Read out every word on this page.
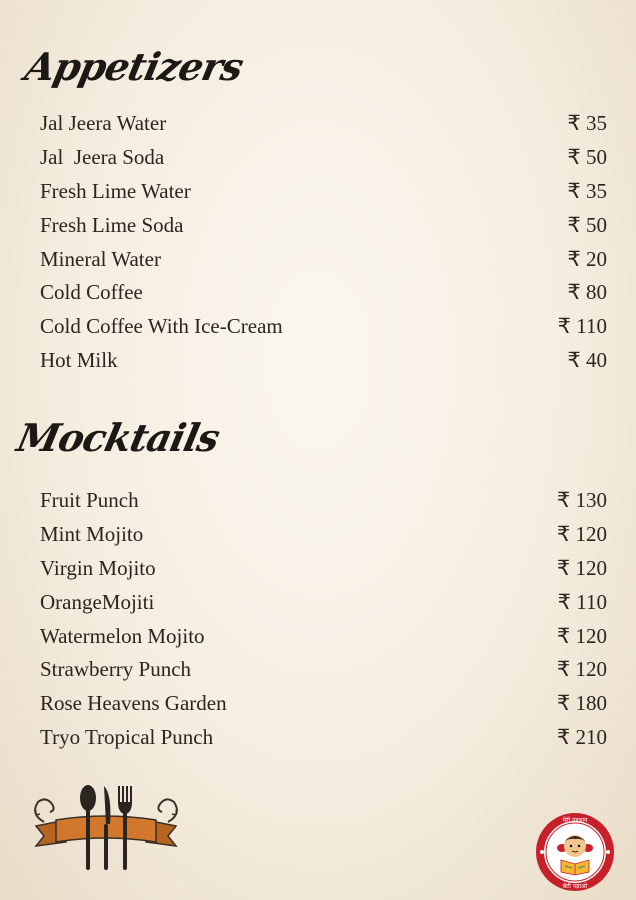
Appetizers
Jal Jeera Water	₹ 35
Jal  Jeera Soda	₹ 50
Fresh Lime Water	₹ 35
Fresh Lime Soda	₹ 50
Mineral Water	₹ 20
Cold Coffee	₹ 80
Cold Coffee With Ice-Cream	₹ 110
Hot Milk	₹ 40
Mocktails
Fruit Punch	₹ 130
Mint Mojito	₹ 120
Virgin Mojito	₹ 120
OrangeMojiti	₹ 110
Watermelon Mojito	₹ 120
Strawberry Punch	₹ 120
Rose Heavens Garden	₹ 180
Tryo Tropical Punch	₹ 210
मेरी पहचान
बेटी पढ़ाओ
